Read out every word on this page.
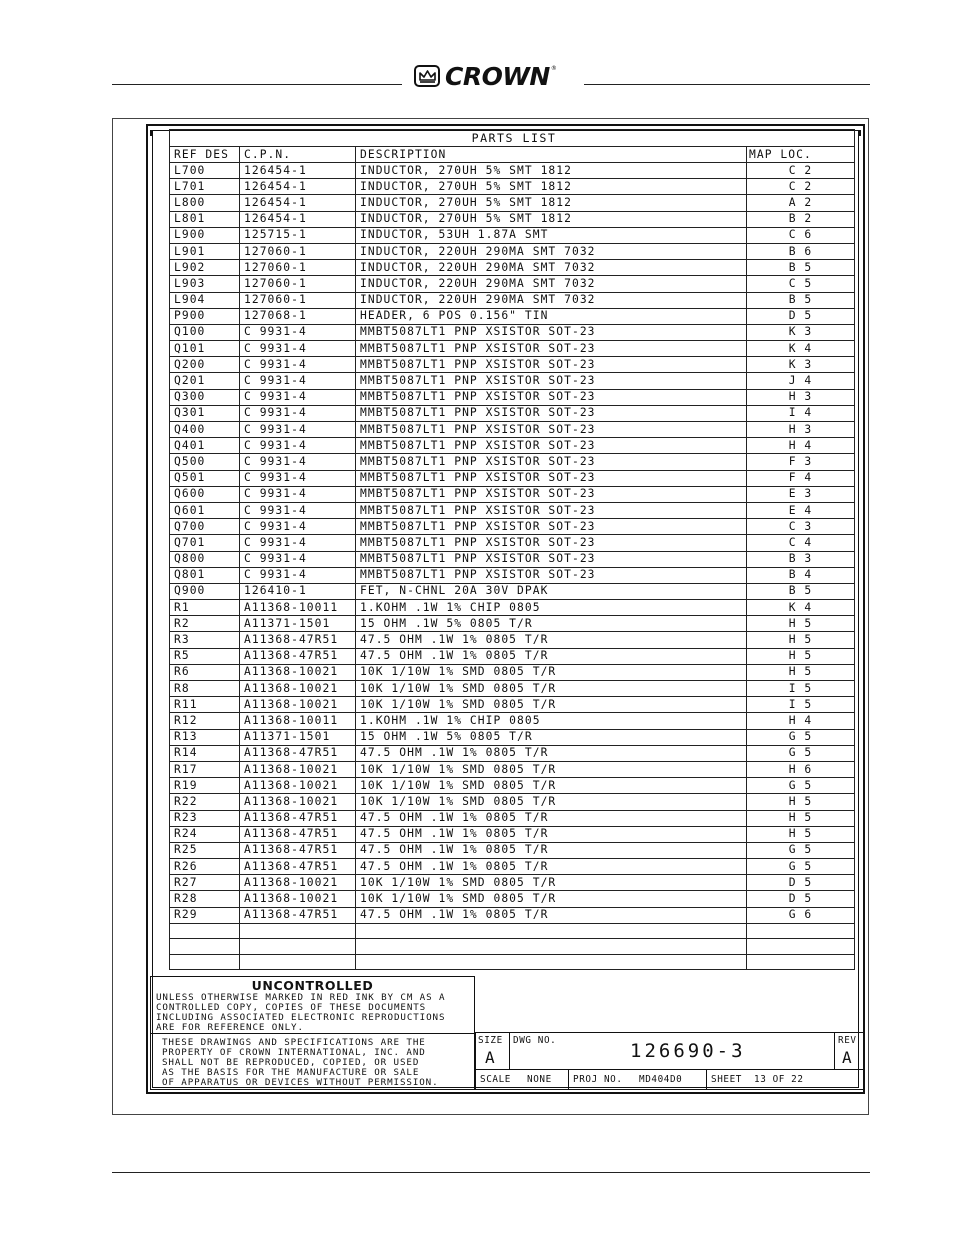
CROWN ®
PARTS LIST			
REF DES	C.P.N.	DESCRIPTION	MAP LOC.
L700	126454-1	INDUCTOR, 270UH 5% SMT 1812	C 2
L701	126454-1	INDUCTOR, 270UH 5% SMT 1812	C 2
L800	126454-1	INDUCTOR, 270UH 5% SMT 1812	A 2
L801	126454-1	INDUCTOR, 270UH 5% SMT 1812	B 2
L900	125715-1	INDUCTOR, 53UH 1.87A SMT	C 6
L901	127060-1	INDUCTOR, 220UH 290MA SMT 7032	B 6
L902	127060-1	INDUCTOR, 220UH 290MA SMT 7032	B 5
L903	127060-1	INDUCTOR, 220UH 290MA SMT 7032	C 5
L904	127060-1	INDUCTOR, 220UH 290MA SMT 7032	B 5
P900	127068-1	HEADER, 6 POS 0.156" TIN	D 5
Q100	C 9931-4	MMBT5087LT1 PNP XSISTOR SOT-23	K 3
Q101	C 9931-4	MMBT5087LT1 PNP XSISTOR SOT-23	K 4
Q200	C 9931-4	MMBT5087LT1 PNP XSISTOR SOT-23	K 3
Q201	C 9931-4	MMBT5087LT1 PNP XSISTOR SOT-23	J 4
Q300	C 9931-4	MMBT5087LT1 PNP XSISTOR SOT-23	H 3
Q301	C 9931-4	MMBT5087LT1 PNP XSISTOR SOT-23	I 4
Q400	C 9931-4	MMBT5087LT1 PNP XSISTOR SOT-23	H 3
Q401	C 9931-4	MMBT5087LT1 PNP XSISTOR SOT-23	H 4
Q500	C 9931-4	MMBT5087LT1 PNP XSISTOR SOT-23	F 3
Q501	C 9931-4	MMBT5087LT1 PNP XSISTOR SOT-23	F 4
Q600	C 9931-4	MMBT5087LT1 PNP XSISTOR SOT-23	E 3
Q601	C 9931-4	MMBT5087LT1 PNP XSISTOR SOT-23	E 4
Q700	C 9931-4	MMBT5087LT1 PNP XSISTOR SOT-23	C 3
Q701	C 9931-4	MMBT5087LT1 PNP XSISTOR SOT-23	C 4
Q800	C 9931-4	MMBT5087LT1 PNP XSISTOR SOT-23	B 3
Q801	C 9931-4	MMBT5087LT1 PNP XSISTOR SOT-23	B 4
Q900	126410-1	FET, N-CHNL 20A 30V DPAK	B 5
R1	A11368-10011	1.KOHM .1W 1% CHIP 0805	K 4
R2	A11371-1501	15 OHM .1W 5% 0805 T/R	H 5
R3	A11368-47R51	47.5 OHM .1W 1% 0805 T/R	H 5
R5	A11368-47R51	47.5 OHM .1W 1% 0805 T/R	H 5
R6	A11368-10021	10K 1/10W 1% SMD 0805 T/R	H 5
R8	A11368-10021	10K 1/10W 1% SMD 0805 T/R	I 5
R11	A11368-10021	10K 1/10W 1% SMD 0805 T/R	I 5
R12	A11368-10011	1.KOHM .1W 1% CHIP 0805	H 4
R13	A11371-1501	15 OHM .1W 5% 0805 T/R	G 5
R14	A11368-47R51	47.5 OHM .1W 1% 0805 T/R	G 5
R17	A11368-10021	10K 1/10W 1% SMD 0805 T/R	H 6
R19	A11368-10021	10K 1/10W 1% SMD 0805 T/R	G 5
R22	A11368-10021	10K 1/10W 1% SMD 0805 T/R	H 5
R23	A11368-47R51	47.5 OHM .1W 1% 0805 T/R	H 5
R24	A11368-47R51	47.5 OHM .1W 1% 0805 T/R	H 5
R25	A11368-47R51	47.5 OHM .1W 1% 0805 T/R	G 5
R26	A11368-47R51	47.5 OHM .1W 1% 0805 T/R	G 5
R27	A11368-10021	10K 1/10W 1% SMD 0805 T/R	D 5
R28	A11368-10021	10K 1/10W 1% SMD 0805 T/R	D 5
R29	A11368-47R51	47.5 OHM .1W 1% 0805 T/R	G 6

UNCONTROLLED
UNLESS OTHERWISE MARKED IN RED INK BY CM AS A
CONTROLLED COPY, COPIES OF THESE DOCUMENTS
INCLUDING ASSOCIATED ELECTRONIC REPRODUCTIONS
ARE FOR REFERENCE ONLY.
THESE DRAWINGS AND SPECIFICATIONS ARE THE
PROPERTY OF CROWN INTERNATIONAL, INC. AND
SHALL NOT BE REPRODUCED, COPIED, OR USED
AS THE BASIS FOR THE MANUFACTURE OR SALE
OF APPARATUS OR DEVICES WITHOUT PERMISSION.
SIZE
A
DWG NO.	126690-3	REV
A
SCALE NONE PROJ NO. MD404D0	SHEET 13 OF 22
